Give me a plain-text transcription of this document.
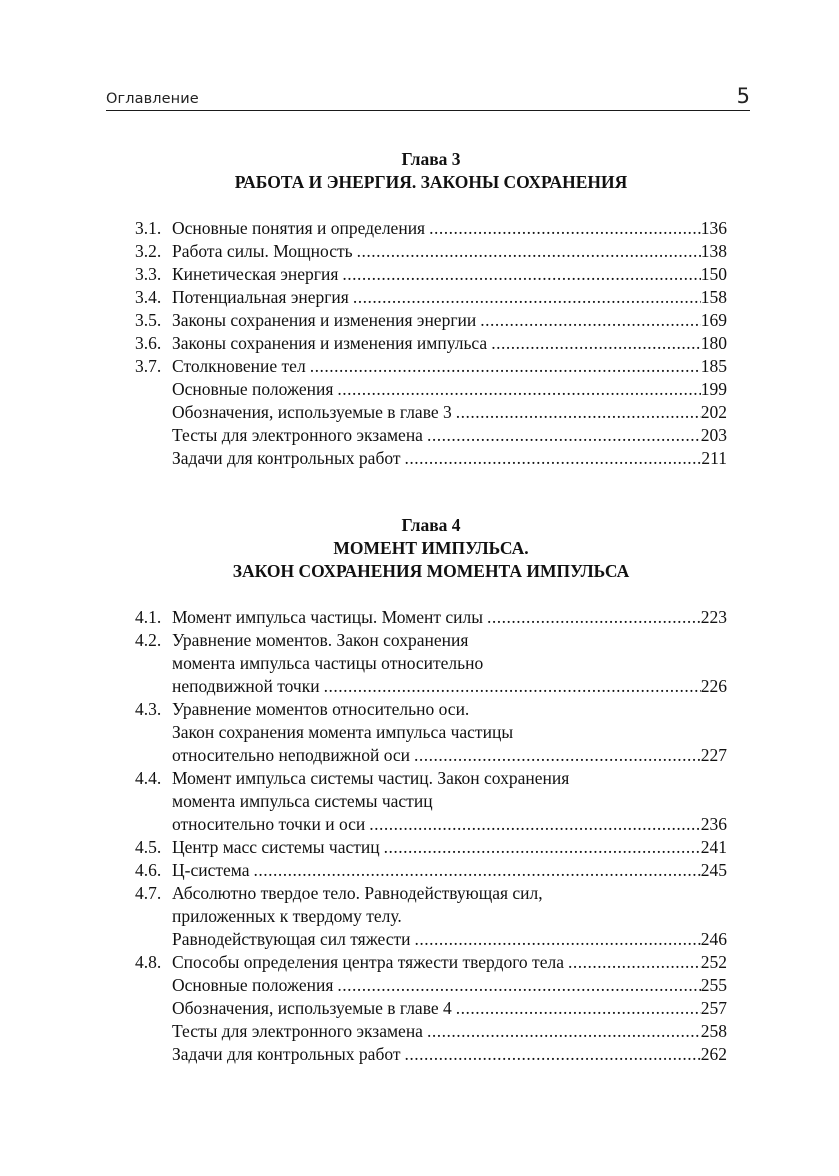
Оглавление	5
Глава 3
РАБОТА И ЭНЕРГИЯ. ЗАКОНЫ СОХРАНЕНИЯ
3.1. Основные понятия и определения .....	136
3.2. Работа силы. Мощность .....	138
3.3. Кинетическая энергия .....	150
3.4. Потенциальная энергия .....	158
3.5. Законы сохранения и изменения энергии .....	169
3.6. Законы сохранения и изменения импульса .....	180
3.7. Столкновение тел .....	185
Основные положения .....	199
Обозначения, используемые в главе 3 .....	202
Тесты для электронного экзамена .....	203
Задачи для контрольных работ .....	211
Глава 4
МОМЕНТ ИМПУЛЬСА.
ЗАКОН СОХРАНЕНИЯ МОМЕНТА ИМПУЛЬСА
4.1. Момент импульса частицы. Момент силы .....	223
4.2. Уравнение моментов. Закон сохранения
момента импульса частицы относительно
неподвижной точки .....	226
4.3. Уравнение моментов относительно оси.
Закон сохранения момента импульса частицы
относительно неподвижной оси .....	227
4.4. Момент импульса системы частиц. Закон сохранения
момента импульса системы частиц
относительно точки и оси .....	236
4.5. Центр масс системы частиц .....	241
4.6. Ц-система .....	245
4.7. Абсолютно твердое тело. Равнодействующая сил,
приложенных к твердому телу.
Равнодействующая сил тяжести .....	246
4.8. Способы определения центра тяжести твердого тела .....	252
Основные положения .....	255
Обозначения, используемые в главе 4 .....	257
Тесты для электронного экзамена .....	258
Задачи для контрольных работ .....	262
